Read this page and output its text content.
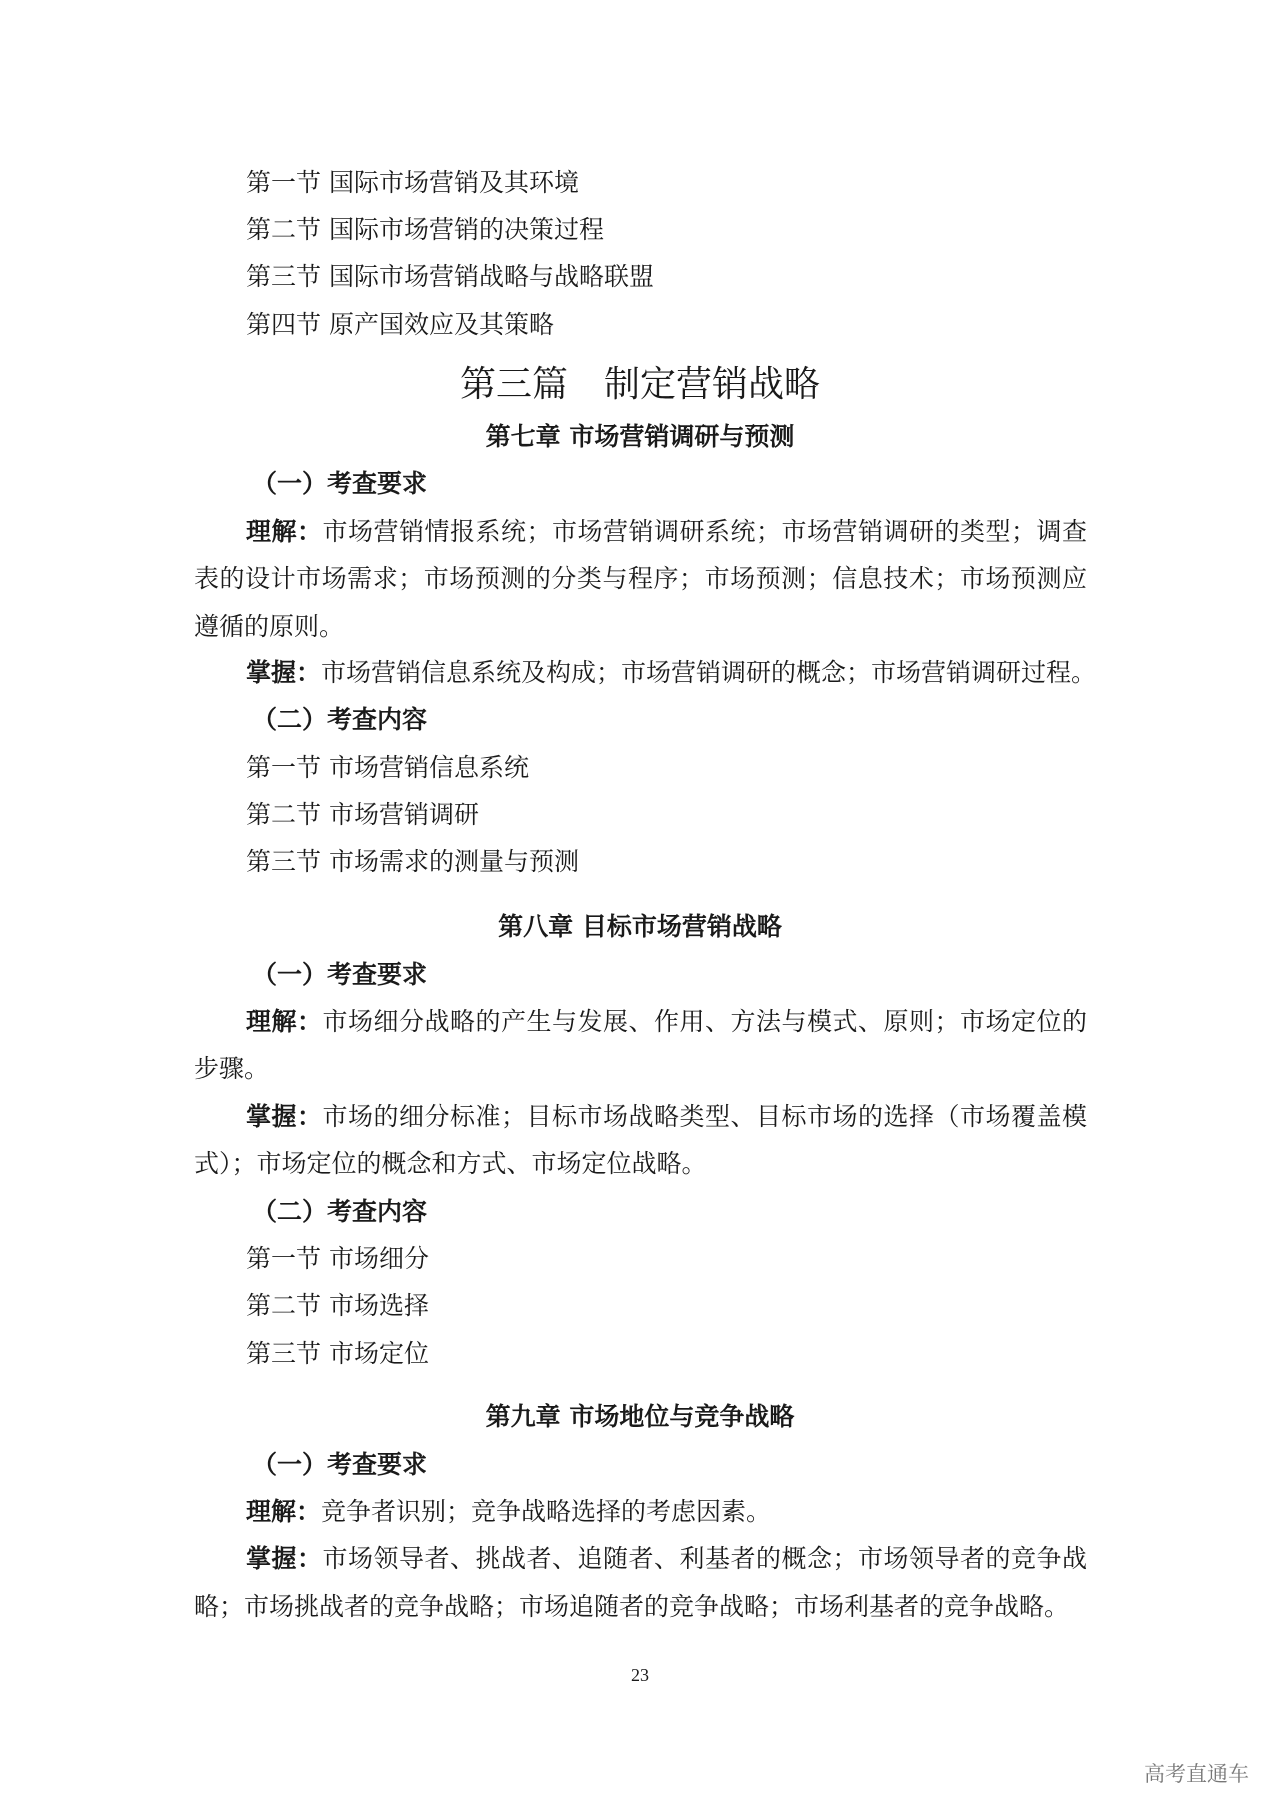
第一节 国际市场营销及其环境
第二节 国际市场营销的决策过程
第三节 国际市场营销战略与战略联盟
第四节 原产国效应及其策略
第三篇 制定营销战略
第七章 市场营销调研与预测
（一）考查要求
理解：市场营销情报系统；市场营销调研系统；市场营销调研的类型；调查
表的设计市场需求；市场预测的分类与程序；市场预测；信息技术；市场预测应
遵循的原则。
掌握：市场营销信息系统及构成；市场营销调研的概念；市场营销调研过程。
（二）考查内容
第一节 市场营销信息系统
第二节 市场营销调研
第三节 市场需求的测量与预测
第八章 目标市场营销战略
（一）考查要求
理解：市场细分战略的产生与发展、作用、方法与模式、原则；市场定位的
步骤。
掌握：市场的细分标准；目标市场战略类型、目标市场的选择（市场覆盖模
式）；市场定位的概念和方式、市场定位战略。
（二）考查内容
第一节 市场细分
第二节 市场选择
第三节 市场定位
第九章 市场地位与竞争战略
（一）考查要求
理解：竞争者识别；竞争战略选择的考虑因素。
掌握：市场领导者、挑战者、追随者、利基者的概念；市场领导者的竞争战
略；市场挑战者的竞争战略；市场追随者的竞争战略；市场利基者的竞争战略。
23
高考直通车
